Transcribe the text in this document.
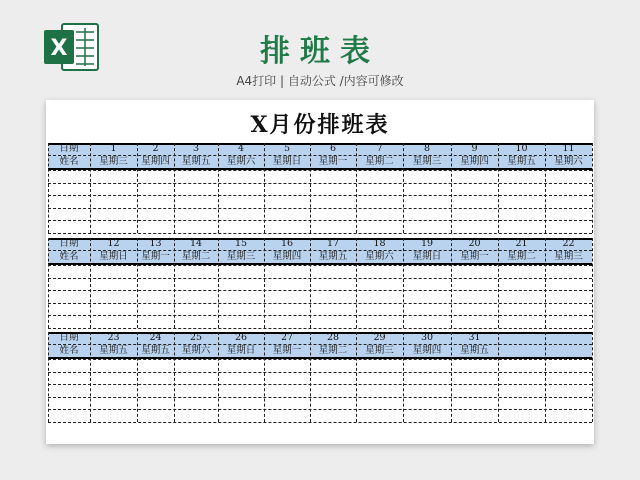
X	排班表
A4打印 | 自动公式 /内容可修改
X月份排班表
日期
姓名
1
星期三
2
星期四
3
星期五
4
星期六
5
星期日
6
星期一
7
星期二
8
星期三
9
星期四
10
星期五
11
星期六
日期
姓名
12
星期日
13
星期一
14
星期二
15
星期三
16
星期四
17
星期五
18
星期六
19
星期日
20
星期一
21
星期二
22
星期三
日期
姓名
23
星期五
24
星期五
25
星期六
26
星期日
27
星期一
28
星期二
29
星期三
30
星期四
31
星期五
